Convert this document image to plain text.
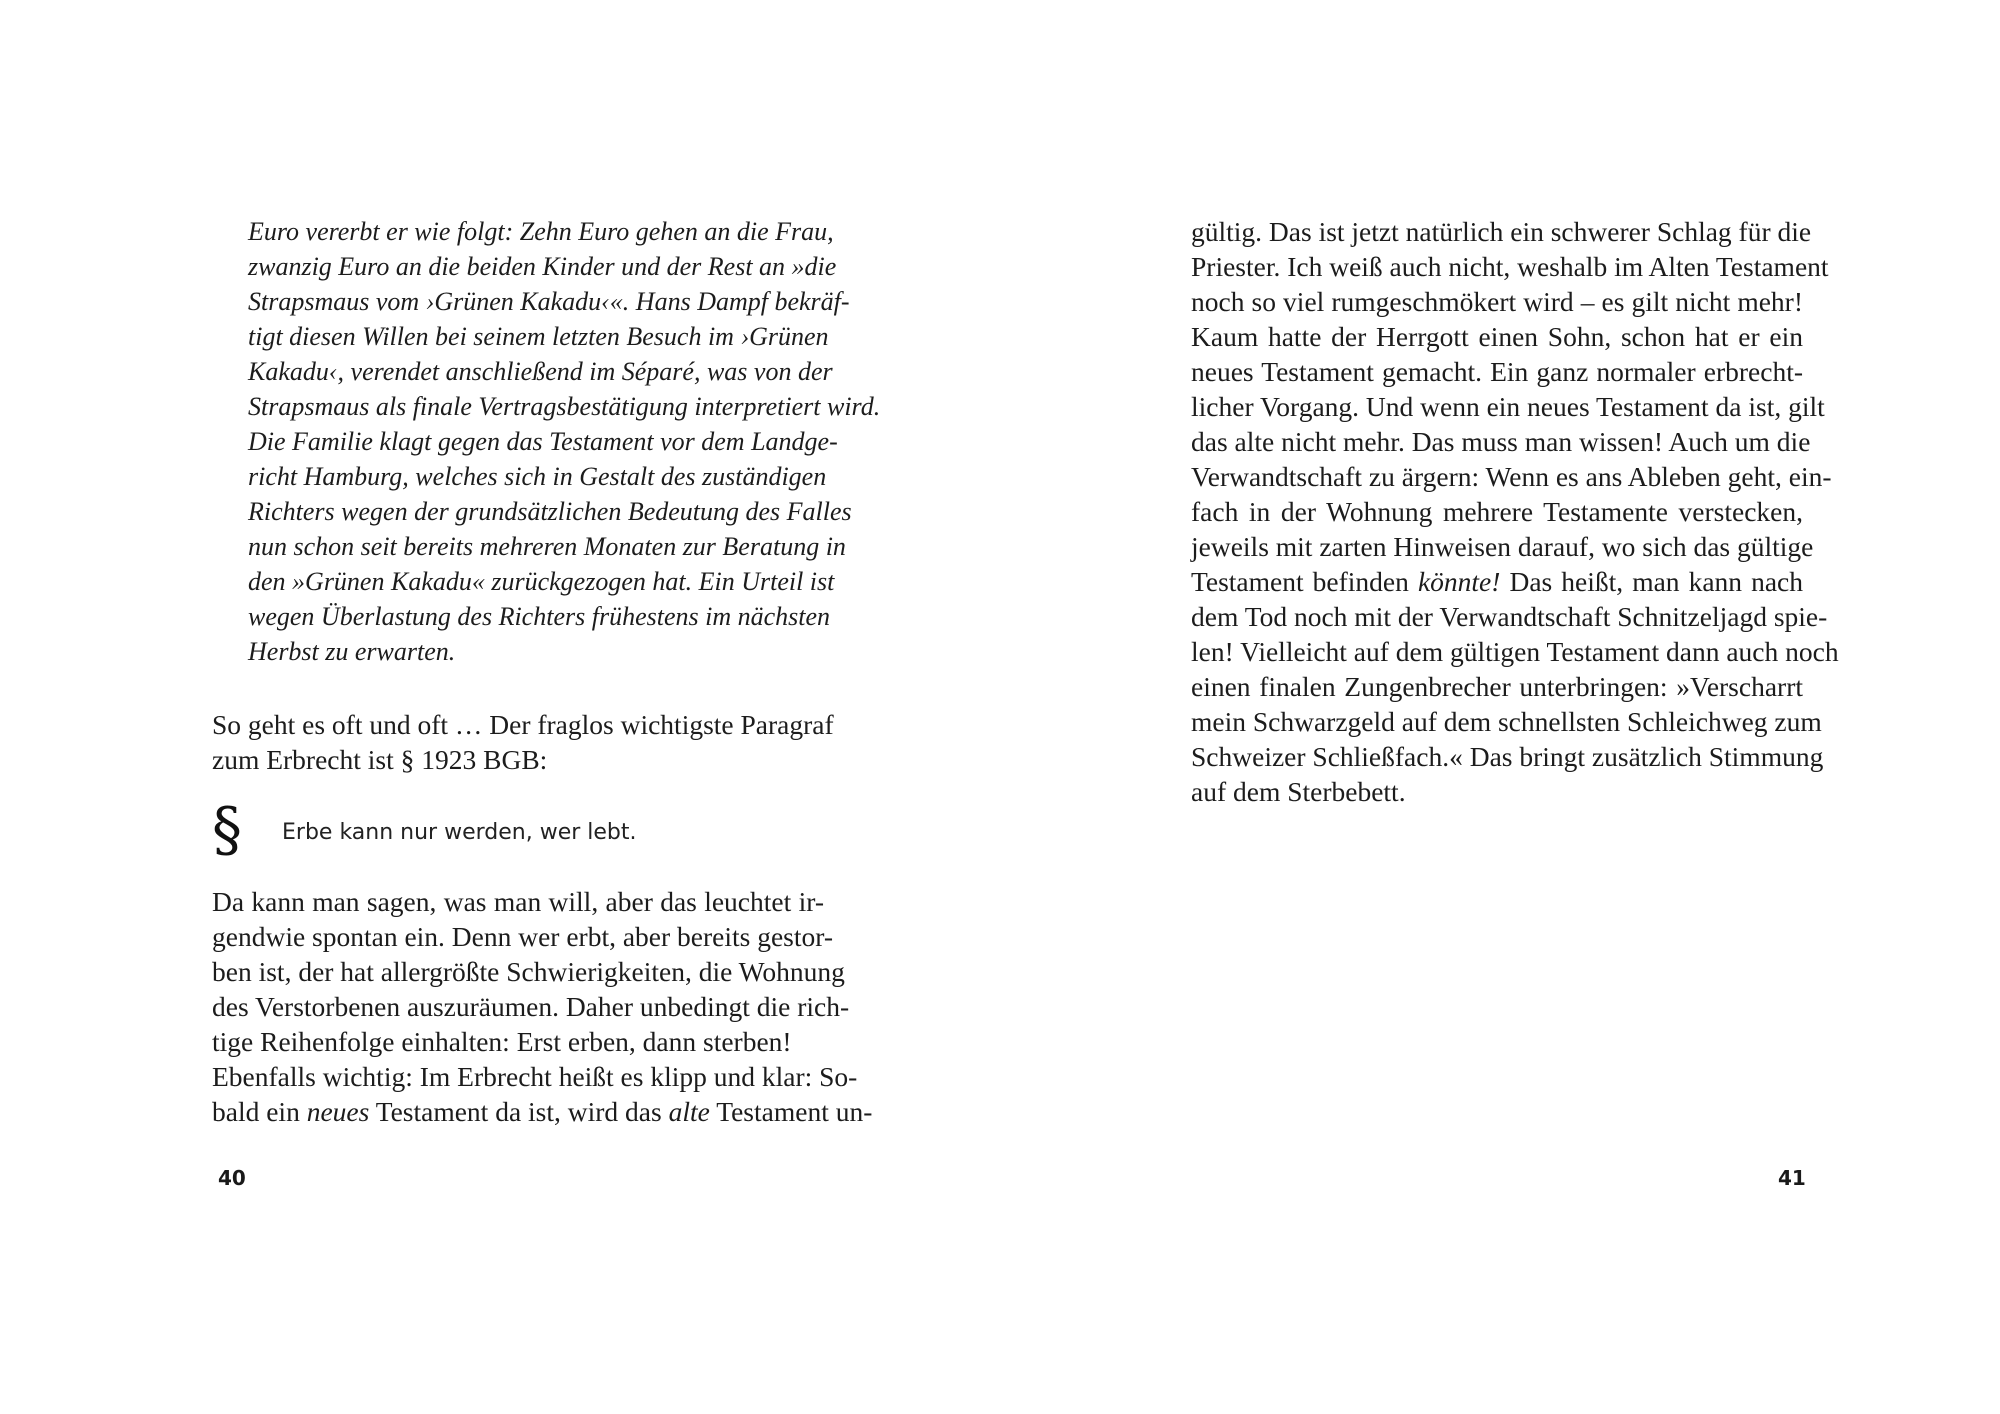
Euro vererbt er wie folgt: Zehn Euro gehen an die Frau,
zwanzig Euro an die beiden Kinder und der Rest an »die
Strapsmaus vom ›Grünen Kakadu‹«. Hans Dampf bekräf-
tigt diesen Willen bei seinem letzten Besuch im ›Grünen
Kakadu‹, verendet anschließend im Séparé, was von der
Strapsmaus als finale Vertragsbestätigung interpretiert wird.
Die Familie klagt gegen das Testament vor dem Landge-
richt Hamburg, welches sich in Gestalt des zuständigen
Richters wegen der grundsätzlichen Bedeutung des Falles
nun schon seit bereits mehreren Monaten zur Beratung in
den »Grünen Kakadu« zurückgezogen hat. Ein Urteil ist
wegen Überlastung des Richters frühestens im nächsten
Herbst zu erwarten.
So geht es oft und oft … Der fraglos wichtigste Paragraf
zum Erbrecht ist § 1923 BGB:
§ Erbe kann nur werden, wer lebt.
Da kann man sagen, was man will, aber das leuchtet ir-
gendwie spontan ein. Denn wer erbt, aber bereits gestor-
ben ist, der hat allergrößte Schwierigkeiten, die Wohnung
des Verstorbenen auszuräumen. Daher unbedingt die rich-
tige Reihenfolge einhalten: Erst erben, dann sterben!
Ebenfalls wichtig: Im Erbrecht heißt es klipp und klar: So-
bald ein neues Testament da ist, wird das alte Testament un-
40
gültig. Das ist jetzt natürlich ein schwerer Schlag für die
Priester. Ich weiß auch nicht, weshalb im Alten Testament
noch so viel rumgeschmökert wird – es gilt nicht mehr!
Kaum hatte der Herrgott einen Sohn, schon hat er ein
neues Testament gemacht. Ein ganz normaler erbrecht-
licher Vorgang. Und wenn ein neues Testament da ist, gilt
das alte nicht mehr. Das muss man wissen! Auch um die
Verwandtschaft zu ärgern: Wenn es ans Ableben geht, ein-
fach in der Wohnung mehrere Testamente verstecken,
jeweils mit zarten Hinweisen darauf, wo sich das gültige
Testament befinden könnte! Das heißt, man kann nach
dem Tod noch mit der Verwandtschaft Schnitzeljagd spie-
len! Vielleicht auf dem gültigen Testament dann auch noch
einen finalen Zungenbrecher unterbringen: »Verscharrt
mein Schwarzgeld auf dem schnellsten Schleichweg zum
Schweizer Schließfach.« Das bringt zusätzlich Stimmung
auf dem Sterbebett.
41
